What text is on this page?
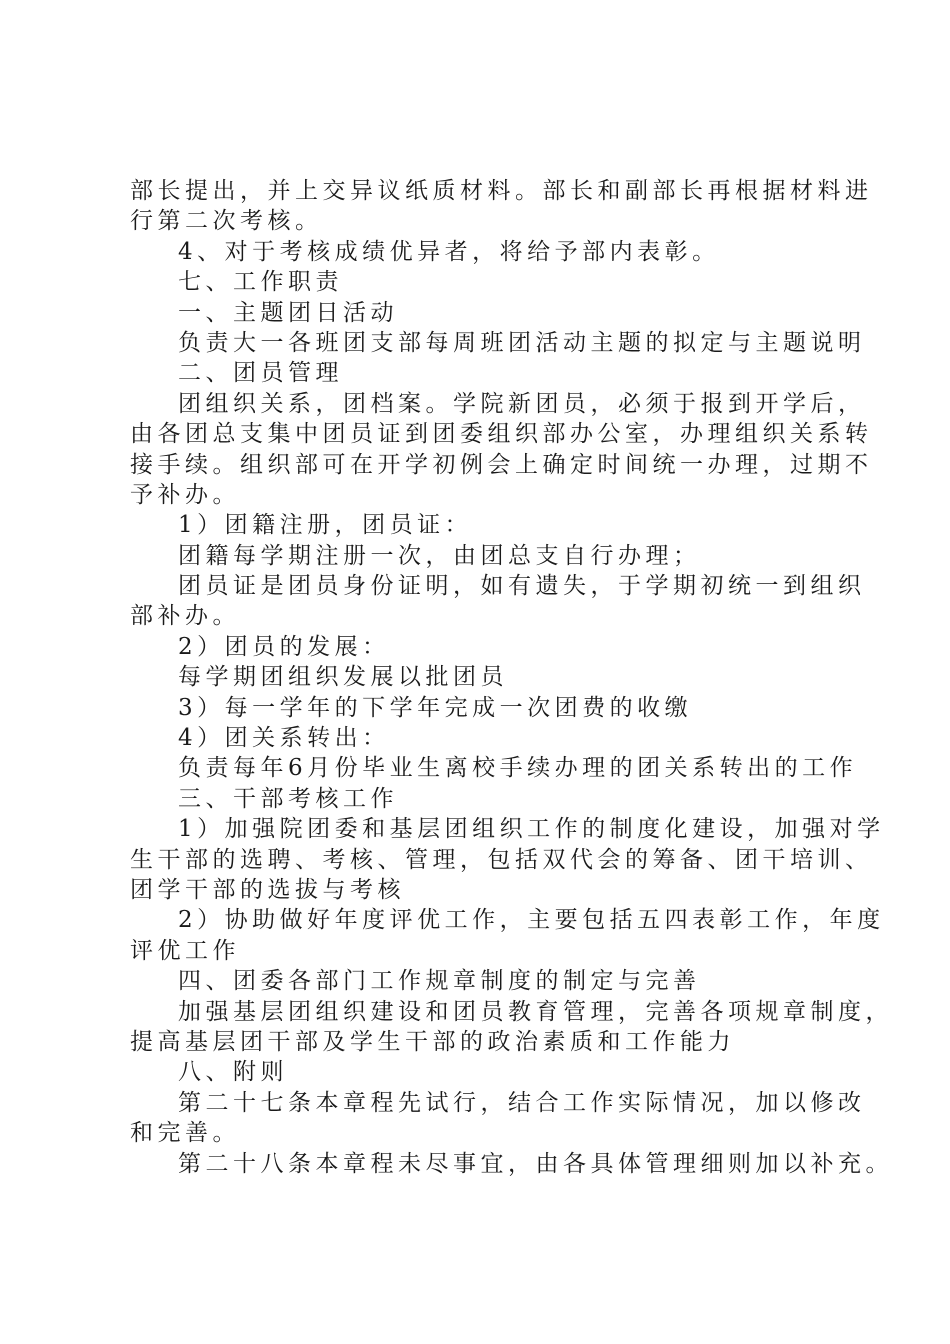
部长提出，并上交异议纸质材料。部长和副部长再根据材料进
行第二次考核。
4、对于考核成绩优异者，将给予部内表彰。
七、工作职责
一、主题团日活动
负责大一各班团支部每周班团活动主题的拟定与主题说明
二、团员管理
团组织关系，团档案。学院新团员，必须于报到开学后，
由各团总支集中团员证到团委组织部办公室，办理组织关系转
接手续。组织部可在开学初例会上确定时间统一办理，过期不
予补办。
1）团籍注册，团员证：
团籍每学期注册一次，由团总支自行办理；
团员证是团员身份证明，如有遗失，于学期初统一到组织
部补办。
2）团员的发展：
每学期团组织发展以批团员
3）每一学年的下学年完成一次团费的收缴
4）团关系转出：
负责每年6月份毕业生离校手续办理的团关系转出的工作
三、干部考核工作
1）加强院团委和基层团组织工作的制度化建设，加强对学
生干部的选聘、考核、管理，包括双代会的筹备、团干培训、
团学干部的选拔与考核
2）协助做好年度评优工作，主要包括五四表彰工作，年度
评优工作
四、团委各部门工作规章制度的制定与完善
加强基层团组织建设和团员教育管理，完善各项规章制度，
提高基层团干部及学生干部的政治素质和工作能力
八、附则
第二十七条本章程先试行，结合工作实际情况，加以修改
和完善。
第二十八条本章程未尽事宜，由各具体管理细则加以补充。
